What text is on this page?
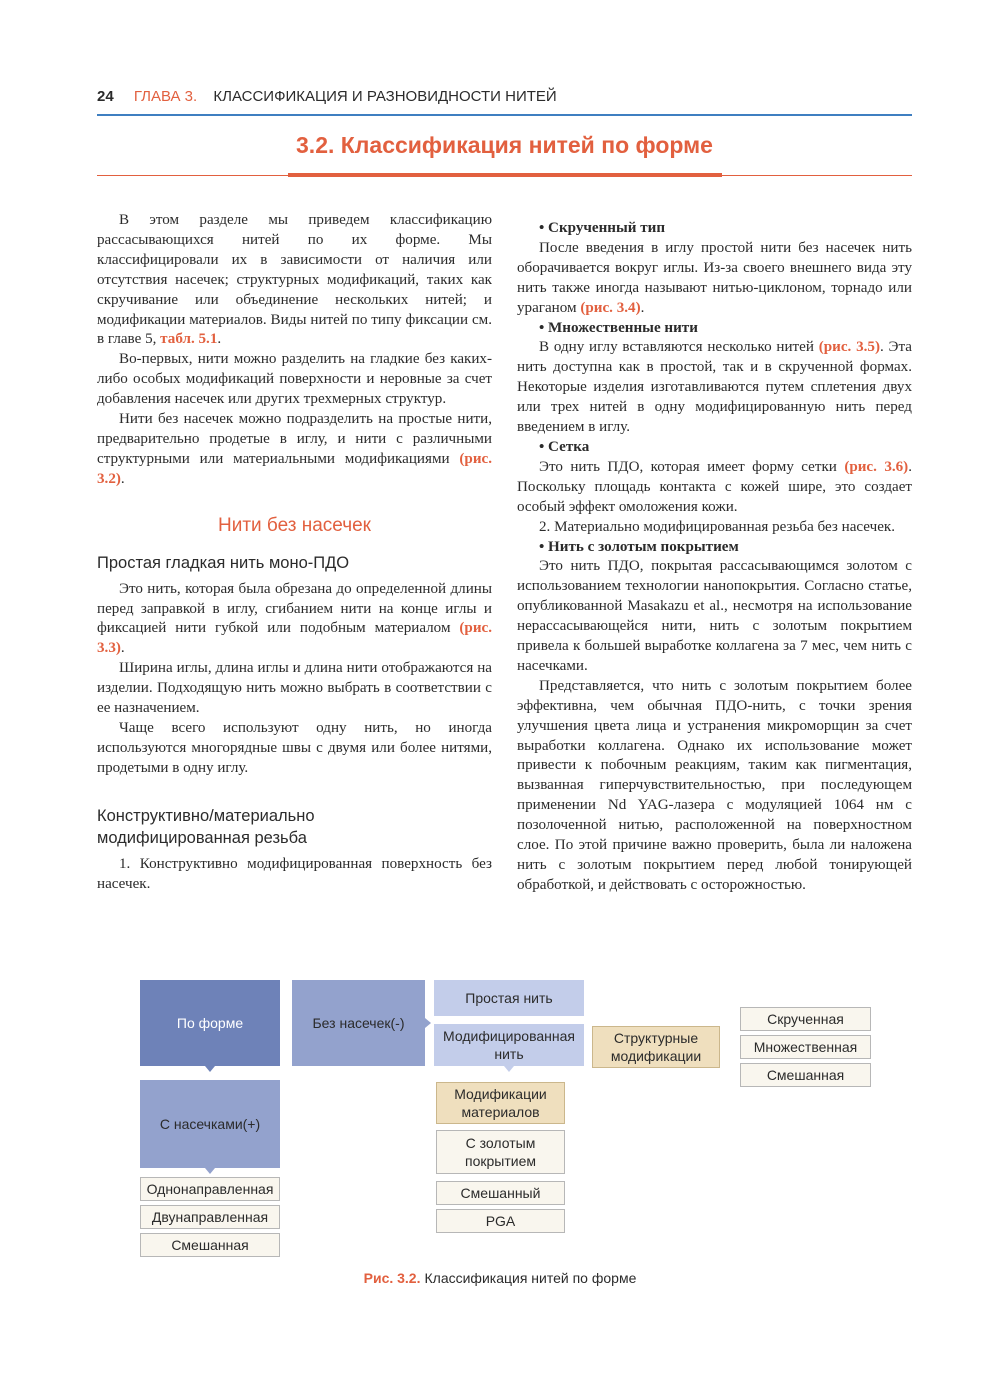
24 ГЛАВА 3. КЛАССИФИКАЦИЯ И РАЗНОВИДНОСТИ НИТЕЙ
3.2. Классификация нитей по форме

В этом разделе мы приведем классификацию рассасывающихся нитей по их форме. Мы классифицировали их в зависимости от наличия или отсутствия насечек; структурных модификаций, таких как скручивание или объединение нескольких нитей; и модификации материалов. Виды нитей по типу фиксации см. в главе 5, табл. 5.1.

Во-первых, нити можно разделить на гладкие без каких-либо особых модификаций поверхности и неровные за счет добавления насечек или других трехмерных структур.

Нити без насечек можно подразделить на простые нити, предварительно продетые в иглу, и нити с различными структурными или материальными модификациями (рис. 3.2).

Нити без насечек
Простая гладкая нить моно-ПДО

Это нить, которая была обрезана до определенной длины перед заправкой в иглу, сгибанием нити на конце иглы и фиксацией нити губкой или подобным материалом (рис. 3.3).

Ширина иглы, длина иглы и длина нити отображаются на изделии. Подходящую нить можно выбрать в соответствии с ее назначением.

Чаще всего используют одну нить, но иногда используются многорядные швы с двумя или более нитями, продетыми в одну иглу.

Конструктивно/материально
модифицированная резьба

1. Конструктивно модифицированная поверхность без насечек.

• Скрученный тип

После введения в иглу простой нити без насечек нить оборачивается вокруг иглы. Из-за своего внешнего вида эту нить также иногда называют нитью-циклоном, торнадо или ураганом (рис. 3.4).

• Множественные нити

В одну иглу вставляются несколько нитей (рис. 3.5). Эта нить доступна как в простой, так и в скрученной формах. Некоторые изделия изготавливаются путем сплетения двух или трех нитей в одну модифицированную нить перед введением в иглу.

• Сетка

Это нить ПДО, которая имеет форму сетки (рис. 3.6). Поскольку площадь контакта с кожей шире, это создает особый эффект омоложения кожи.

2. Материально модифицированная резьба без насечек.

• Нить с золотым покрытием

Это нить ПДО, покрытая рассасывающимся золотом с использованием технологии нанопокрытия. Согласно статье, опубликованной Masakazu et al., несмотря на использование нерассасывающейся нити, нить с золотым покрытием привела к большей выработке коллагена за 7 мес, чем нить с насечками.

Представляется, что нить с золотым покрытием более эффективна, чем обычная ПДО-нить, с точки зрения улучшения цвета лица и устранения микроморщин за счет выработки коллагена. Однако их использование может привести к побочным реакциям, таким как пигментация, вызванная гиперчувствительностью, при последующем применении Nd YAG-лазера с модуляцией 1064 нм с позолоченной нитью, расположенной на поверхностном слое. По этой причине важно проверить, была ли наложена нить с золотым покрытием перед любой тонирующей обработкой, и действовать с осторожностью.

По форме	Без насечек(-)
С насечками(+)
Простая нить
Модифицированная нить
Структурные модификации
Скрученная
Множественная
Смешанная
Модификации материалов
С золотым покрытием
Смешанный
PGA
Однонаправленная
Двунаправленная
Смешанная
Рис. 3.2. Классификация нитей по форме
